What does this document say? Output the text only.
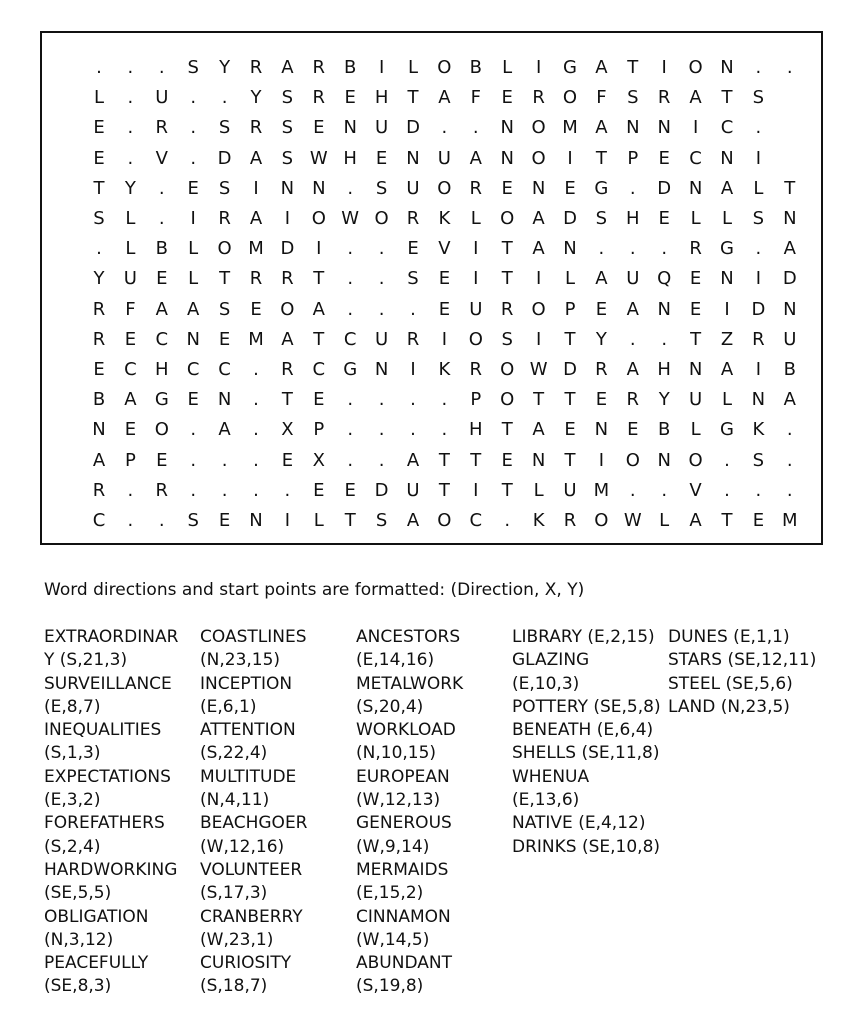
.	.	.	S	Y	R	A	R	B	I	L	O	B	L	I	G	A	T	I	O N	.	.
L	.	U	.	.	Y	S	R	E	H	T	A	F	E	R	O	F	S	R	A	T	S
E	.	R	.	S	R	S	E	N	U D	.	.	N O M A	N N	I	C	.
E	.	V	.	D	A	S W H	E	N	U	A	N O	I	T	P	E	C	N	I
T	Y	.	E	S	I	N N	.	S	U O	R	E	N	E	G	.	D N	A	L	T
S	L	.	I	R	A	I	O W O	R	K	L	O	A	D	S	H	E	L	L	S	N
.	L	B	L	O M D	I	.	.	E	V	I	T	A	N	.	.	.	R	G	.	A
Y	U	E	L	T	R	R	T	.	.	S	E	I	T	I	L	A	U Q	E	N	I	D
R	F	A	A	S	E	O	A	.	.	.	E	U	R	O	P	E	A	N	E	I	D N
R	E	C	N	E M A	T	C	U	R	I	O	S	I	T	Y	.	.	T	Z	R	U
E	C	H	C	C	.	R	C	G N	I	K	R	O W D	R	A	H N	A	I	B
B	A	G	E	N	.	T	E	.	.	.	.	P	O	T	T	E	R	Y	U	L	N	A
N	E	O	.	A	.	X	P	.	.	.	.	H	T	A	E	N	E	B	L	G	K	.
A	P	E	.	.	.	E	X	.	.	A	T	T	E	N	T	I	O N O	.	S	.
R	.	R	.	.	.	.	E	E	D U	T	I	T	L	U M	.	.	V	.	.	.
C	.	.	S	E	N	I	L	T	S	A	O	C	.	K	R	O W L	A	T	E M
Word directions and start points are formatted: (Direction, X, Y)
EXTRAORDINAR
Y (S,21,3)
SURVEILLANCE
(E,8,7)
INEQUALITIES
(S,1,3)
EXPECTATIONS
(E,3,2)
FOREFATHERS
(S,2,4)
HARDWORKING
(SE,5,5)
OBLIGATION
(N,3,12)
PEACEFULLY
(SE,8,3)
COASTLINES
(N,23,15)
INCEPTION
(E,6,1)
ATTENTION
(S,22,4)
MULTITUDE
(N,4,11)
BEACHGOER
(W,12,16)
VOLUNTEER
(S,17,3)
CRANBERRY
(W,23,1)
CURIOSITY
(S,18,7)
ANCESTORS
(E,14,16)
METALWORK
(S,20,4)
WORKLOAD
(N,10,15)
EUROPEAN
(W,12,13)
GENEROUS
(W,9,14)
MERMAIDS
(E,15,2)
CINNAMON
(W,14,5)
ABUNDANT
(S,19,8)
LIBRARY (E,2,15)
GLAZING
(E,10,3)
POTTERY (SE,5,8)
BENEATH (E,6,4)
SHELLS (SE,11,8)
WHENUA
(E,13,6)
NATIVE (E,4,12)
DRINKS (SE,10,8)
DUNES (E,1,1)
STARS (SE,12,11)
STEEL (SE,5,6)
LAND (N,23,5)
